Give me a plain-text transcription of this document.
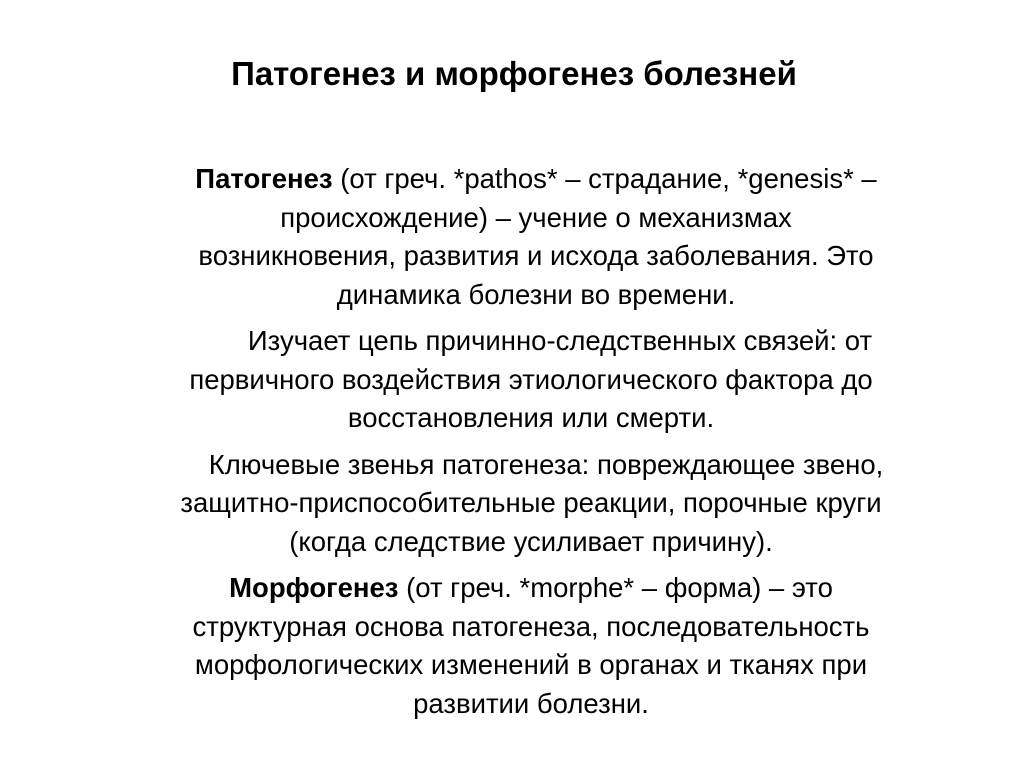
Патогенез и морфогенез болезней

Патогенез (от греч. *pathos* – страдание, *genesis* –
происхождение) – учение о механизмах
возникновения, развития и исхода заболевания. Это
динамика болезни во времени.

Изучает цепь причинно-следственных связей: от
первичного воздействия этиологического фактора до
восстановления или смерти.

Ключевые звенья патогенеза: повреждающее звено,
защитно-приспособительные реакции, порочные круги
(когда следствие усиливает причину).

Морфогенез (от греч. *morphe* – форма) – это
структурная основа патогенеза, последовательность
морфологических изменений в органах и тканях при
развитии болезни.
